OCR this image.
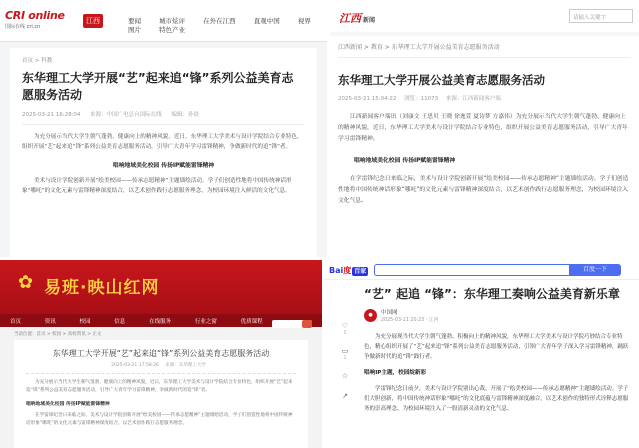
CRI online
国际在线 cri.cn
江西	要闻	城市炫评	在外在江西	直观中国	视界 图片	特色产业
首页 > 科教
东华理工大学开展“艺”起来追“锋”系列公益美育志愿服务活动
2025-03-21 16:28:04 来源：中国广电总台国际在线 编辑：孙晨

为充分展示当代大学生朝气蓬勃、健康向上的精神风貌，近日，东华理工大学美术与设计学院结合专业特色，组织开展“艺”起来追“锋”系列公益美育志愿服务活动，引导广大青年学习雷锋精神，争做新时代的追“锋”者。

唱响地域美化校园 传扬IP赋能雷锋精神

美术与设计学院创新开展“绘美校园——传承志愿精神”主题墙绘活动。学子们创造性地将中国传统神话形象“哪吒”的文化元素与雷锋精神深度结合，以艺术创作践行志愿服务理念，为校园环境注入鲜活的文化气息。

江西 新闻	请输入关键字
江西新闻 > 教育 > 东华理工大学开展公益美育志愿服务活动
东华理工大学开展公益美育志愿服务活动
2025-03-21 15:04:22 浏览：11073 来源：江西新闻客户端

江西新闻客户端讯（刘康文 王思贝 王晓 徐逸萱 夏诗梦 方嘉伟）为充分展示当代大学生朝气蓬勃、健康向上的精神风貌，近日，东华理工大学美术与设计学院结合专业特色，组织开展公益美育志愿服务活动，引导广大青年学习雷锋精神。

唱响地域美化校园 传扬IP赋能雷锋精神

在学雷锋纪念日来临之际，美术与设计学院创新开展“绘美校园——传承志愿精神”主题墙绘活动。学子们创造性地将中国传统神话形象“哪吒”的文化元素与雷锋精神深度结合，以艺术创作践行志愿服务理念，为校园环境注入文化气息。

✿ 易班·映山红网
首页	资讯	校园	信息	在线服务	行业之窗	优质课程
当前位置：首页 > 校园 > 高校资讯 > 正文
东华理工大学开展“艺”起来追“锋”系列公益美育志愿服务活动
2025-03-21 17:58:26 来源：东华理工大学

为充分展示当代大学生朝气蓬勃、健康向上的精神风貌，近日，东华理工大学美术与设计学院结合专业特色，组织开展“艺”起来追“锋”系列公益美育志愿服务活动，引导广大青年学习雷锋精神，争做新时代的追“锋”者。

唱响地域美化校园 传扬IP赋能雷锋精神

在学雷锋纪念日来临之际，美术与设计学院创新开展“绘美校园——传承志愿精神”主题墙绘活动，学子们创造性地将中国传统神话形象“哪吒”的文化元素与雷锋精神深度结合，以艺术创作践行志愿服务理念。

Bai度 百家	百度一下
♡
5
▭
1
☆
↗
“艺” 起追 “锋”：东华理工奏响公益美育新乐章
●	中国网
2025-03-21 20:23 · 江西

为充分展现当代大学生朝气蓬勃、积极向上的精神风貌，东华理工大学美术与设计学院巧妙结合专业特色，精心组织开展了“艺”起来追“锋”系列公益美育志愿服务活动，引领广大青年学子深入学习雷锋精神，踊跃争做新时代的追“锋”践行者。

唱响IP主题，校园绽新彩

学雷锋纪念日前夕，美术与设计学院别出心裁，开展了“绘美校园——传承志愿精神”主题墙绘活动。学子们大胆创新，将中国传统神话形象“哪吒”的文化底蕴与雷锋精神深度融合，以艺术创作的独特形式诠释志愿服务的崇高理念，为校园环境注入了一股清新灵动的文化气息。
